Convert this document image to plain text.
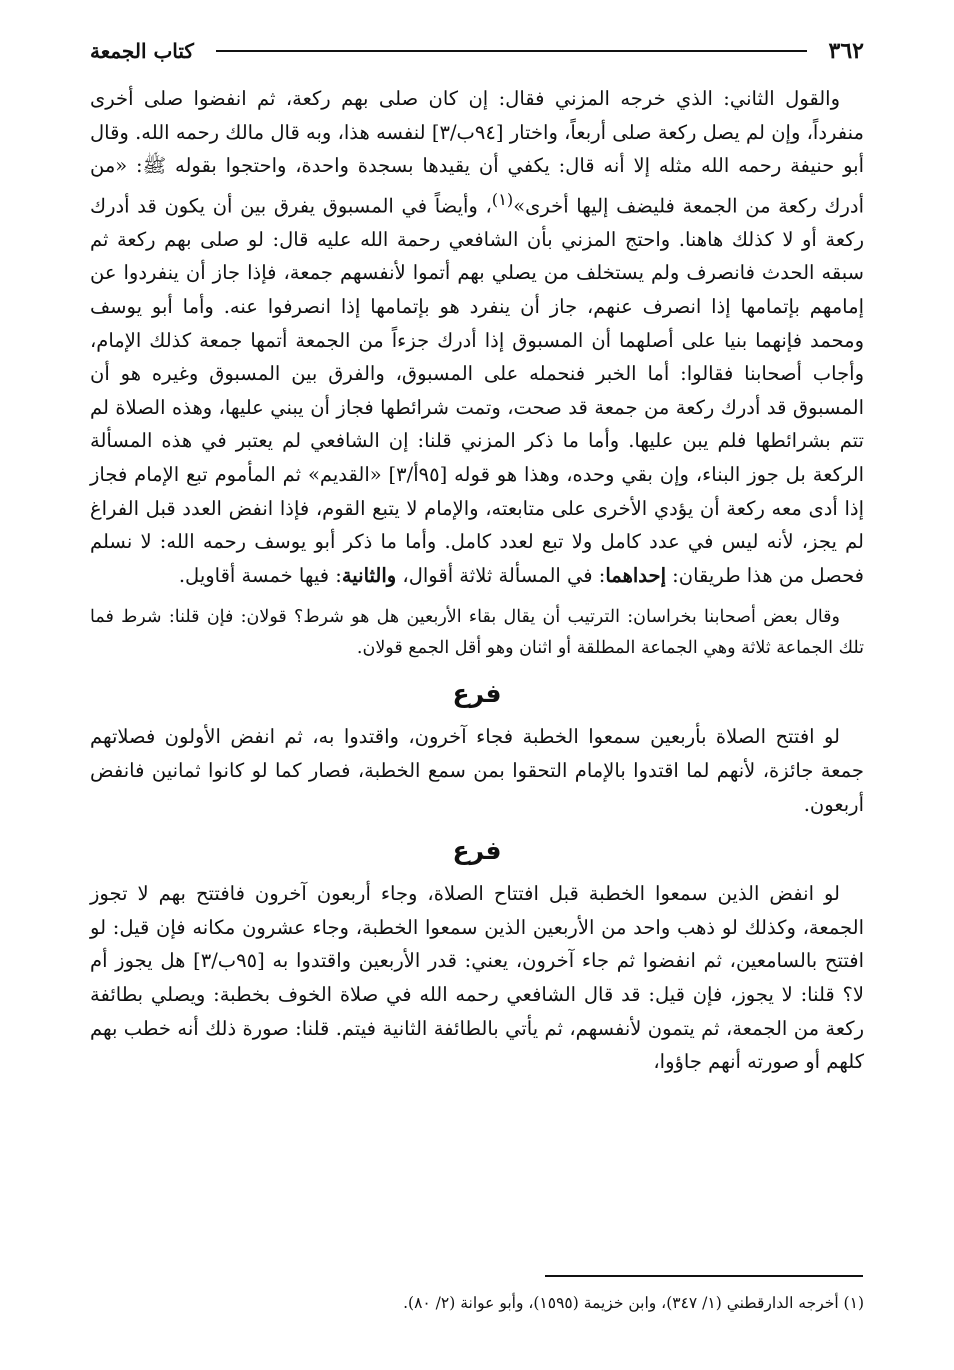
٣٦٢
كتاب الجمعة

والقول الثاني: الذي خرجه المزني فقال: إن كان صلى بهم ركعة، ثم انفضوا صلى أخرى منفرداً، وإن لم يصل ركعة صلى أربعاً، واختار [٩٤ب/٣] لنفسه هذا، وبه قال مالك رحمه الله. وقال أبو حنيفة رحمه الله مثله إلا أنه قال: يكفي أن يقيدها بسجدة واحدة، واحتجوا بقوله ﷺ: «من أدرك ركعة من الجمعة فليضف إليها أخرى»$^{(١)}$، وأيضاً في المسبوق يفرق بين أن يكون قد أدرك ركعة أو لا كذلك هاهنا. واحتج المزني بأن الشافعي رحمة الله عليه قال: لو صلى بهم ركعة ثم سبقه الحدث فانصرف ولم يستخلف من يصلي بهم أتموا لأنفسهم جمعة، فإذا جاز أن ينفردوا عن إمامهم بإتمامها إذا انصرف عنهم، جاز أن ينفرد هو بإتمامها إذا انصرفوا عنه. وأما أبو يوسف ومحمد فإنهما بنيا على أصلهما أن المسبوق إذا أدرك جزءاً من الجمعة أتمها جمعة كذلك الإمام، وأجاب أصحابنا فقالوا: أما الخبر فنحمله على المسبوق، والفرق بين المسبوق وغيره هو أن المسبوق قد أدرك ركعة من جمعة قد صحت، وتمت شرائطها فجاز أن يبني عليها، وهذه الصلاة لم تتم بشرائطها فلم يبن عليها. وأما ما ذكر المزني قلنا: إن الشافعي لم يعتبر في هذه المسألة الركعة بل جوز البناء، وإن بقي وحده، وهذا هو قوله [٩٥أ/٣] «القديم» ثم المأموم تبع الإمام فجاز إذا أدى معه ركعة أن يؤدي الأخرى على متابعته، والإمام لا يتبع القوم، فإذا انفض العدد قبل الفراغ لم يجز، لأنه ليس في عدد كامل ولا تبع لعدد كامل. وأما ما ذكر أبو يوسف رحمه الله: لا نسلم فحصل من هذا طريقان: إحداهما: في المسألة ثلاثة أقوال، والثانية: فيها خمسة أقاويل.

وقال بعض أصحابنا بخراسان: الترتيب أن يقال بقاء الأربعين هل هو شرط؟ قولان: فإن قلنا: شرط فما تلك الجماعة ثلاثة وهي الجماعة المطلقة أو اثنان وهو أقل الجمع قولان.

فرع

لو افتتح الصلاة بأربعين سمعوا الخطبة فجاء آخرون، واقتدوا به، ثم انفض الأولون فصلاتهم جمعة جائزة، لأنهم لما اقتدوا بالإمام التحقوا بمن سمع الخطبة، فصار كما لو كانوا ثمانين فانفض أربعون.

فرع

لو انفض الذين سمعوا الخطبة قبل افتتاح الصلاة، وجاء أربعون آخرون فافتتح بهم لا تجوز الجمعة، وكذلك لو ذهب واحد من الأربعين الذين سمعوا الخطبة، وجاء عشرون مكانه فإن قيل: لو افتتح بالسامعين، ثم انفضوا ثم جاء آخرون، يعني: قدر الأربعين واقتدوا به [٩٥ب/٣] هل يجوز أم لا؟ قلنا: لا يجوز، فإن قيل: قد قال الشافعي رحمه الله في صلاة الخوف بخطبة: ويصلي بطائفة ركعة من الجمعة، ثم يتمون لأنفسهم، ثم يأتي بالطائفة الثانية فيتم. قلنا: صورة ذلك أنه خطب بهم كلهم أو صورته أنهم جاؤوا،

(١) أخرجه الدارقطني (١/ ٣٤٧)، وابن خزيمة (١٥٩٥)، وأبو عوانة (٢/ ٨٠).
